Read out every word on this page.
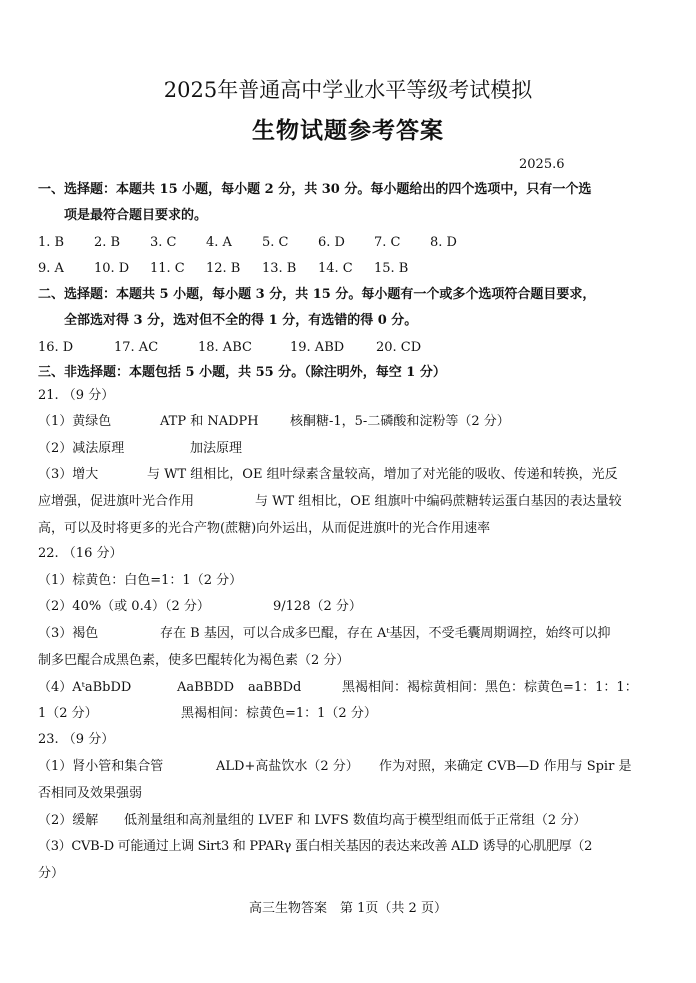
2025年普通高中学业水平等级考试模拟
生物试题参考答案
2025.6
一、选择题：本题共 15 小题，每小题 2 分，共 30 分。每小题给出的四个选项中，只有一个选
项是最符合题目要求的。
1. B 2. B 3. C 4. A 5. C 6. D 7. C 8. D
9. A 10. D 11. C 12. B 13. B 14. C 15. B
二、选择题：本题共 5 小题，每小题 3 分，共 15 分。每小题有一个或多个选项符合题目要求，
全部选对得 3 分，选对但不全的得 1 分，有选错的得 0 分。
16. D	17. AC	18. ABC	19. ABD 20. CD
三、非选择题：本题包括 5 小题，共 55 分。（除注明外，每空 1 分）
21. （9 分）
（1）黄绿色	ATP 和 NADPH 核酮糖-1，5-二磷酸和淀粉等（2 分）
（2）减法原理	加法原理
（3）增大	与 WT 组相比，OE 组叶绿素含量较高，增加了对光能的吸收、传递和转换，光反
应增强，促进旗叶光合作用	与 WT 组相比，OE 组旗叶中编码蔗糖转运蛋白基因的表达量较
高，可以及时将更多的光合产物(蔗糖)向外运出，从而促进旗叶的光合作用速率
22. （16 分）
（1）棕黄色：白色=1：1（2 分）
（2）40%（或 0.4）（2 分）	9/128（2 分）
（3）褐色	存在 B 基因，可以合成多巴醌，存在 Aᵗ基因，不受毛囊周期调控，始终可以抑
制多巴醌合成黑色素，使多巴醌转化为褐色素（2 分）
（4）AᵗaBbDD	AaBBDD aaBBDd	黑褐相间：褐棕黄相间：黑色：棕黄色=1：1：1：
1（2 分）	黑褐相间：棕黄色=1：1（2 分）
23. （9 分）
（1）肾小管和集合管	ALD+高盐饮水（2 分） 作为对照，来确定 CVB—D 作用与 Spir 是
否相同及效果强弱
（2）缓解 低剂量组和高剂量组的 LVEF 和 LVFS 数值均高于模型组而低于正常组（2 分）
（3）CVB-D 可能通过上调 Sirt3 和 PPARγ 蛋白相关基因的表达来改善 ALD 诱导的心肌肥厚（2
分）
高三生物答案　第 1页（共 2 页）
